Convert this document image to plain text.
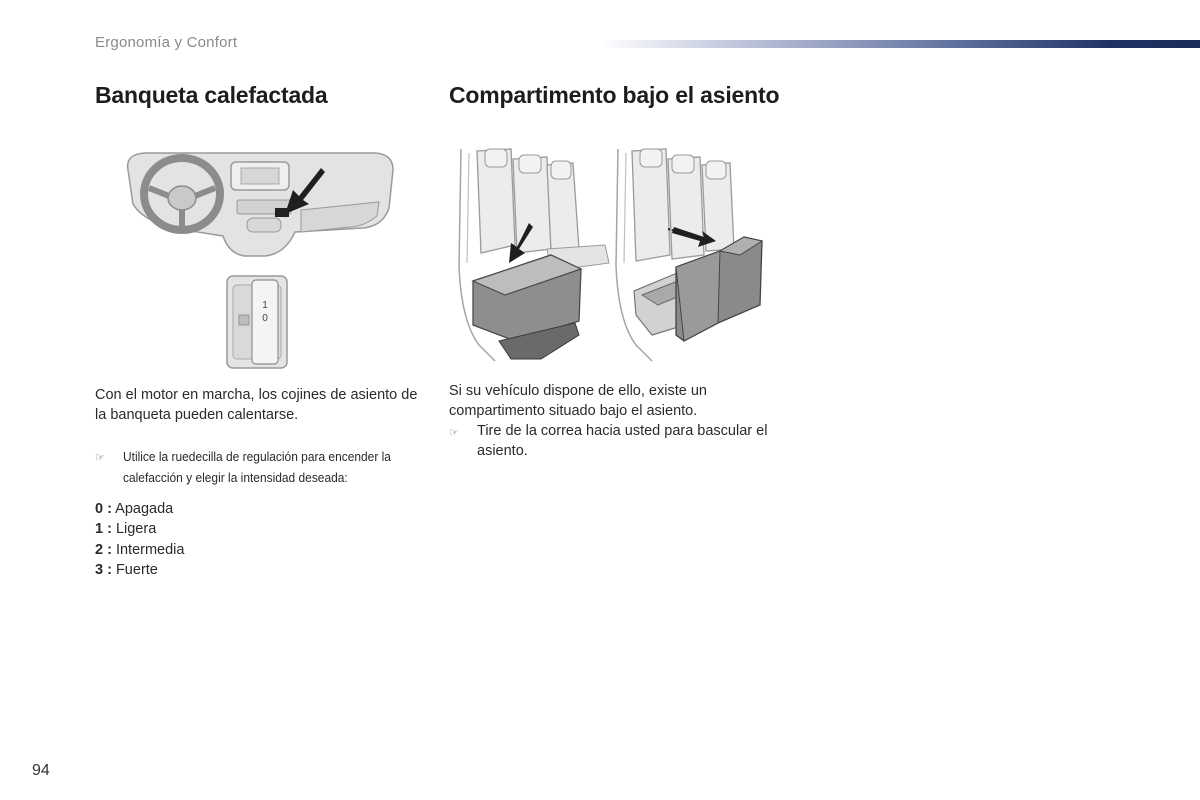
Ergonomía y Confort
Banqueta calefactada
1
0
Con el motor en marcha, los cojines de asiento de la banqueta pueden calentarse.
☞	Utilice la ruedecilla de regulación para encender la calefacción y elegir la intensidad deseada:
0 : Apagada
1 : Ligera
2 : Intermedia
3 : Fuerte
Compartimento bajo el asiento
Si su vehículo dispone de ello, existe un compartimento situado bajo el asiento.
☞	Tire de la correa hacia usted para bascular el asiento.
94
